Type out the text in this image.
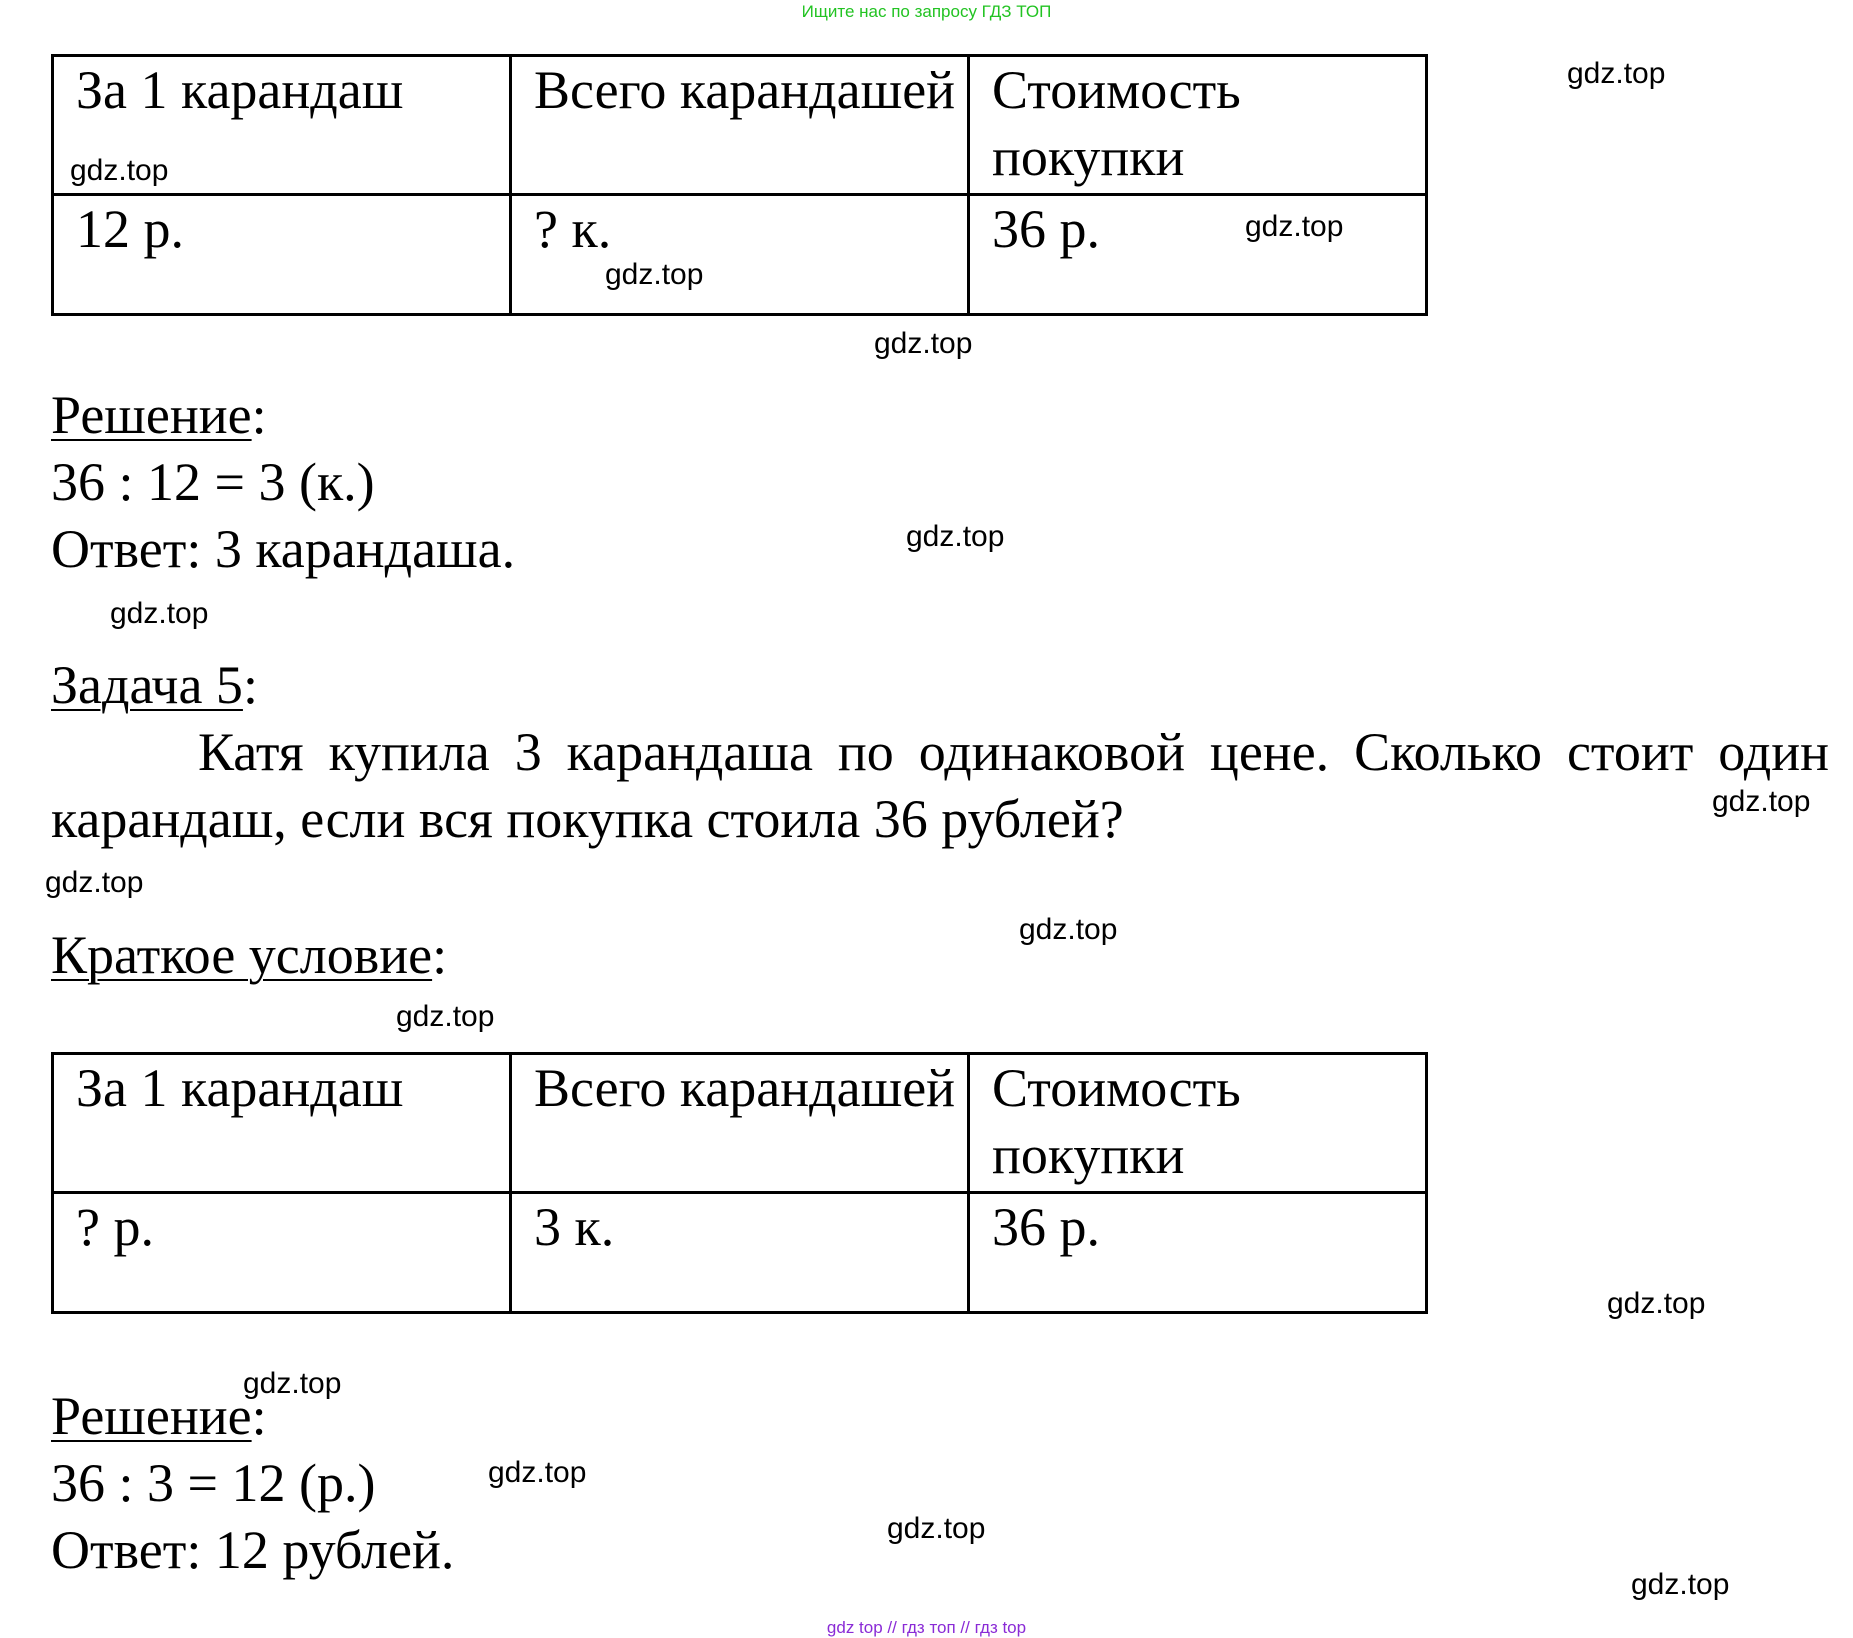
Ищите нас по запросу ГДЗ ТОП
За 1 карандаш	Всего карандашей	Стоимость покупки
12 р.	? к.	36 р.
Решение:
36 : 12 = 3 (к.)
Ответ: 3 карандаша.
Задача 5:
Катя купила 3 карандаша по одинаковой цене. Сколько стоит один карандаш, если вся покупка стоила 36 рублей?
Краткое условие:
За 1 карандаш	Всего карандашей	Стоимость покупки
? р.	3 к.	36 р.
Решение:
36 : 3 = 12 (р.)
Ответ: 12 рублей.
gdz.top
gdz.top
gdz.top
gdz.top
gdz.top
gdz.top
gdz.top
gdz.top
gdz.top
gdz.top
gdz.top
gdz.top
gdz.top
gdz.top
gdz.top
gdz.top
gdz top // гдз топ // гдз top
